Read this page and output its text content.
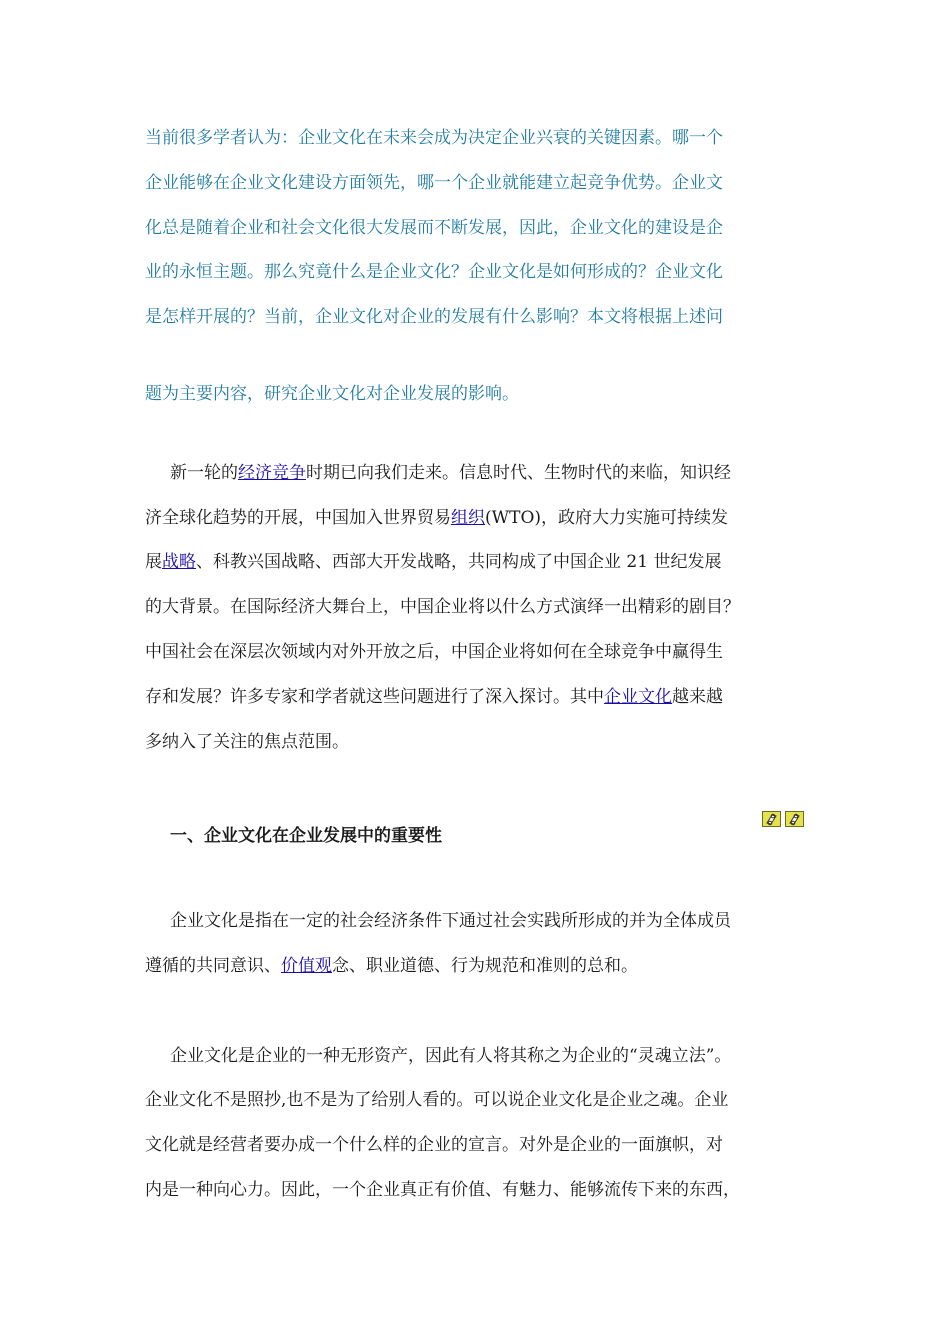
当前很多学者认为：企业文化在未来会成为决定企业兴衰的关键因素。哪一个
企业能够在企业文化建设方面领先，哪一个企业就能建立起竞争优势。企业文
化总是随着企业和社会文化很大发展而不断发展，因此，企业文化的建设是企
业的永恒主题。那么究竟什么是企业文化？企业文化是如何形成的？企业文化
是怎样开展的？当前，企业文化对企业的发展有什么影响？本文将根据上述问
题为主要内容，研究企业文化对企业发展的影响。
新一轮的经济竞争时期已向我们走来。信息时代、生物时代的来临，知识经
济全球化趋势的开展，中国加入世界贸易组织(WTO)，政府大力实施可持续发
展战略、科教兴国战略、西部大开发战略，共同构成了中国企业 21 世纪发展
的大背景。在国际经济大舞台上，中国企业将以什么方式演绎一出精彩的剧目？
中国社会在深层次领域内对外开放之后，中国企业将如何在全球竞争中赢得生
存和发展？许多专家和学者就这些问题进行了深入探讨。其中企业文化越来越
多纳入了关注的焦点范围。
一、企业文化在企业发展中的重要性
企业文化是指在一定的社会经济条件下通过社会实践所形成的并为全体成员
遵循的共同意识、价值观念、职业道德、行为规范和准则的总和。
企业文化是企业的一种无形资产，因此有人将其称之为企业的“灵魂立法”。
企业文化不是照抄,也不是为了给别人看的。可以说企业文化是企业之魂。企业
文化就是经营者要办成一个什么样的企业的宣言。对外是企业的一面旗帜，对
内是一种向心力。因此，一个企业真正有价值、有魅力、能够流传下来的东西，
